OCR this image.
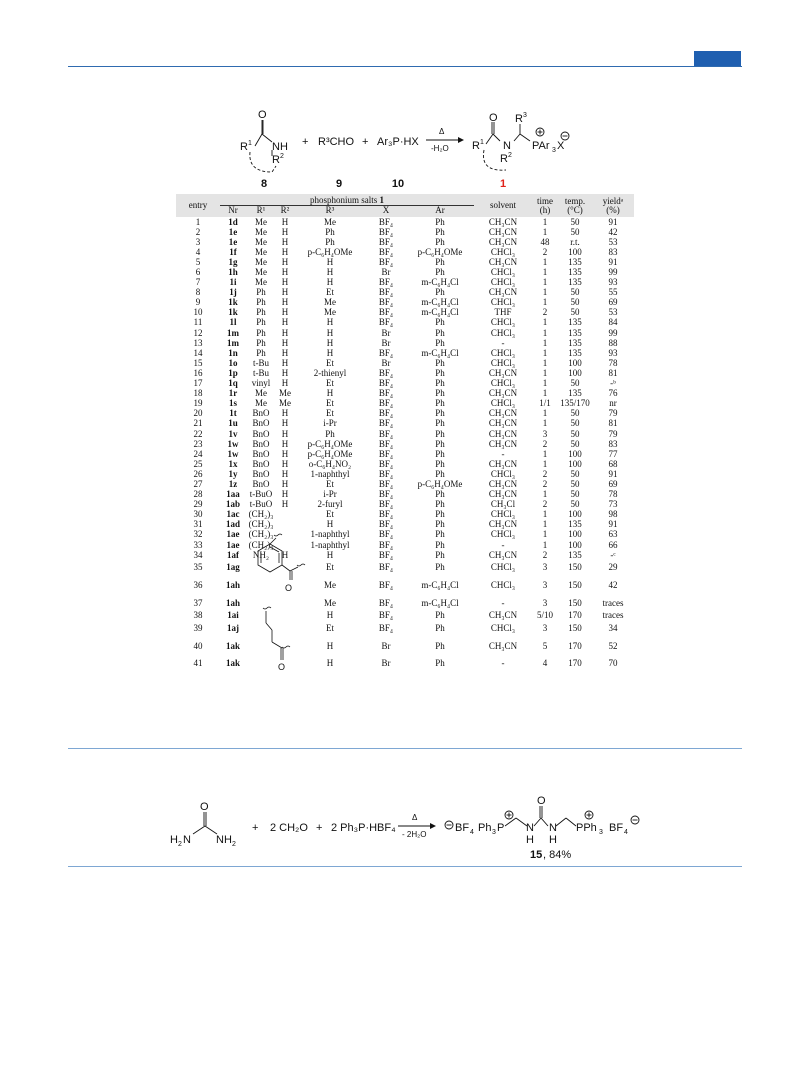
O
R 1 NH
R 2
+ R³CHO + Ar₃P·HX
Δ
-H₂O
O
R 1 N
R 2
R 3
PAr 3 X
8	9	10	1
entry	phosphonium salts 1						solvent	time	temp.	yieldᵃ
	Nr	R¹	R²	R³	X	Ar		(h)	(°C)	(%)
1	1d	Me	H	Me	BF₄	Ph	CH₃CN	1	50	91
2	1e	Me	H	Ph	BF₄	Ph	CH₃CN	1	50	42
3	1e	Me	H	Ph	BF₄	Ph	CH₃CN	48	r.t.	53
4	1f	Me	H	p-C₆H₄OMe	BF₄	p-C₆H₄OMe	CHCl₃	2	100	83
5	1g	Me	H	H	BF₄	Ph	CH₃CN	1	135	91
6	1h	Me	H	H	Br	Ph	CHCl₃	1	135	99
7	1i	Me	H	H	BF₄	m-C₆H₄Cl	CHCl₃	1	135	93
8	1j	Ph	H	Et	BF₄	Ph	CH₃CN	1	50	55
9	1k	Ph	H	Me	BF₄	m-C₆H₄Cl	CHCl₃	1	50	69
10	1k	Ph	H	Me	BF₄	m-C₆H₄Cl	THF	2	50	53
11	1l	Ph	H	H	BF₄	Ph	CHCl₃	1	135	84
12	1m	Ph	H	H	Br	Ph	CHCl₃	1	135	99
13	1m	Ph	H	H	Br	Ph	-	1	135	88
14	1n	Ph	H	H	BF₄	m-C₆H₄Cl	CHCl₃	1	135	93
15	1o	t-Bu	H	Et	Br	Ph	CHCl₃	1	100	78
16	1p	t-Bu	H	2-thienyl	BF₄	Ph	CH₃CN	1	100	81
17	1q	vinyl	H	Et	BF₄	Ph	CHCl₃	1	50	-ᵇ
18	1r	Me	Me	H	BF₄	Ph	CH₃CN	1	135	76
19	1s	Me	Me	Et	BF₄	Ph	CHCl₃	1/1	135/170	nr
20	1t	BnO	H	Et	BF₄	Ph	CH₃CN	1	50	79
21	1u	BnO	H	i-Pr	BF₄	Ph	CH₃CN	1	50	81
22	1v	BnO	H	Ph	BF₄	Ph	CH₃CN	3	50	79
23	1w	BnO	H	p-C₆H₄OMe	BF₄	Ph	CH₃CN	2	50	83
24	1w	BnO	H	p-C₆H₄OMe	BF₄	Ph	-	1	100	77
25	1x	BnO	H	o-C₆H₄NO₂	BF₄	Ph	CH₃CN	1	100	68
26	1y	BnO	H	1-naphthyl	BF₄	Ph	CHCl₃	2	50	91
27	1z	BnO	H	Et	BF₄	p-C₆H₄OMe	CH₃CN	2	50	69
28	1aa	t-BuO	H	i-Pr	BF₄	Ph	CH₃CN	1	50	78
29	1ab	t-BuO	H	2-furyl	BF₄	Ph	CH₃Cl	2	50	73
30	1ac	(CH₂)₃		Et	BF₄	Ph	CHCl₃	1	100	98
31	1ad	(CH₂)₃		H	BF₄	Ph	CH₃CN	1	135	91
32	1ae	(CH₂)₃		1-naphthyl	BF₄	Ph	CHCl₃	1	100	63
33	1ae	(CH₂)₃		1-naphthyl	BF₄	Ph	-	1	100	66
34	1af	NH₂	H	H	BF₄	Ph	CH₃CN	2	135	-ᶜ
35	1ag			Et	BF₄	Ph	CHCl₃	3	150	29
36	1ah			Me	BF₄	m-C₆H₄Cl	CHCl₃	3	150	42
37	1ah			Me	BF₄	m-C₆H₄Cl	-	3	150	traces
38	1ai			H	BF₄	Ph	CH₃CN	5/10	170	traces
39	1aj			Et	BF₄	Ph	CHCl₃	3	150	34
40	1ak			H	Br	Ph	CH₃CN	5	170	52
41	1ak			H	Br	Ph	-	4	170	70
O
O
O
H 2 N NH 2
+ 2 CH₂O + 2 Ph₃P·HBF₄
Δ
- 2H₂O
BF 4 Ph 3 P
O
N
H
N
H
PPh 3 BF 4
15 , 84%
